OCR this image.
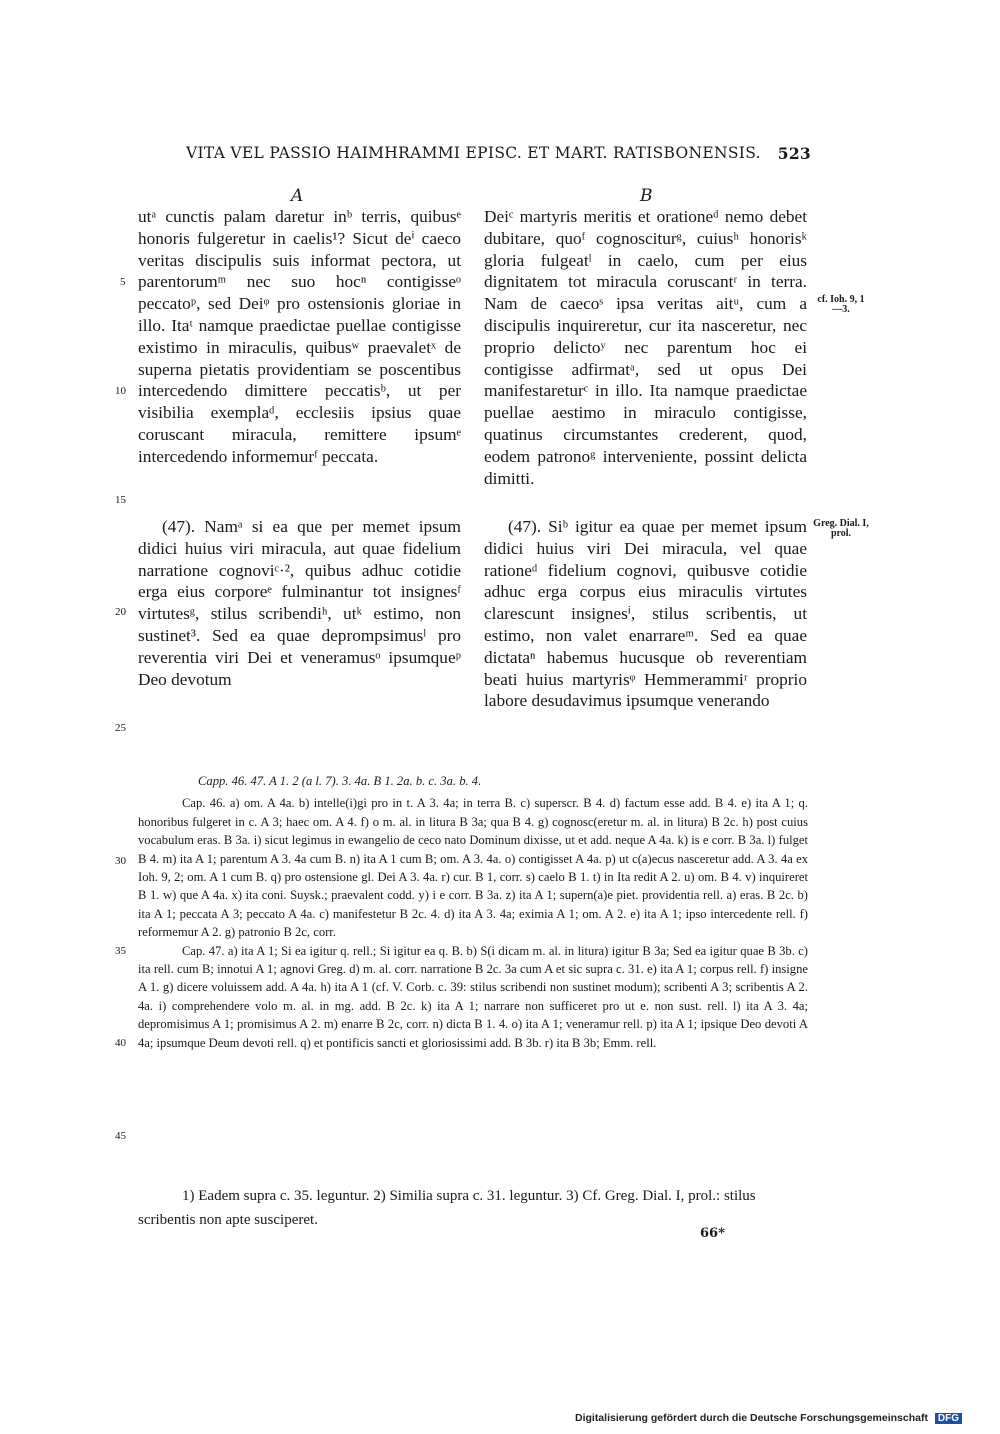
VITA VEL PASSIO HAIMHRAMMI EPISC. ET MART. RATISBONENSIS. 523
A	B

utᵃ cunctis palam daretur inᵇ terris, quibusᵉ honoris fulgeretur in caelis¹? Sicut deⁱ caeco veritas discipulis suis informat pectora, ut parentorumᵐ nec suo hocⁿ contigisseᵒ peccatoᵖ, sed Deiᵠ pro ostensionis gloriae in illo. Itaᵗ namque praedictae puellae contigisse existimo in miraculis, quibusʷ praevaletˣ de superna pietatis providentiam se poscentibus intercedendo dimittere peccatisᵇ, ut per visibilia exemplaᵈ, ecclesiis ipsius quae coruscant miracula, remittere ipsumᵉ intercedendo informemurᶠ peccata.

(47). Namᵃ si ea que per memet ipsum didici huius viri miracula, aut quae fidelium narratione cognoviᶜ·², quibus adhuc cotidie erga eius corporeᵉ fulminantur tot insignesᶠ virtutesᵍ, stilus scribendiʰ, utᵏ estimo, non sustinet³. Sed ea quae deprompsimusˡ pro reverentia viri Dei et veneramusᵒ ipsumqueᵖ Deo devotum

Deiᶜ martyris meritis et orationeᵈ nemo debet dubitare, quoᶠ cognosciturᵍ, cuiusʰ honorisᵏ gloria fulgeatˡ in caelo, cum per eius dignitatem tot miracula coruscantʳ in terra. Nam de caecoˢ ipsa veritas aitᵘ, cum a discipulis inquireretur, cur ita nasceretur, nec proprio delictoʸ nec parentum hoc ei contigisse adfirmatᵃ, sed ut opus Dei manifestareturᶜ in illo. Ita namque praedictae puellae aestimo in miraculo contigisse, quatinus circumstantes crederent, quod, eodem patronoᵍ interveniente, possint delicta dimitti.

(47). Siᵇ igitur ea quae per memet ipsum didici huius viri Dei miracula, vel quae rationeᵈ fidelium cognovi, quibusve cotidie adhuc erga corpus eius miraculis virtutes clarescunt insignesⁱ, stilus scribentis, ut estimo, non valet enarrareᵐ. Sed ea quae dictataⁿ habemus hucusque ob reverentiam beati huius martyrisᵠ Hemmerammiʳ proprio labore desudavimus ipsumque venerando

cf. Ioh. 9, 1—3.
Greg. Dial. I, prol.
5
10
15
20
25
30
35
40
45

Capp. 46. 47. A 1. 2 (a l. 7). 3. 4a. B 1. 2a. b. c. 3a. b. 4.

Cap. 46. a) om. A 4a. b) intelle(i)gi pro in t. A 3. 4a; in terra B. c) superscr. B 4. d) factum esse add. B 4. e) ita A 1; q. honoribus fulgeret in c. A 3; haec om. A 4. f) o m. al. in litura B 3a; qua B 4. g) cognosc(eretur m. al. in litura) B 2c. h) post cuius vocabulum eras. B 3a. i) sicut legimus in ewangelio de ceco nato Dominum dixisse, ut et add. neque A 4a. k) is e corr. B 3a. l) fulget B 4. m) ita A 1; parentum A 3. 4a cum B. n) ita A 1 cum B; om. A 3. 4a. o) contigisset A 4a. p) ut c(a)ecus nasceretur add. A 3. 4a ex Ioh. 9, 2; om. A 1 cum B. q) pro ostensione gl. Dei A 3. 4a. r) cur. B 1, corr. s) caelo B 1. t) in Ita redit A 2. u) om. B 4. v) inquireret B 1. w) que A 4a. x) ita coni. Suysk.; praevalent codd. y) i e corr. B 3a. z) ita A 1; supern(a)e piet. providentia rell. a) eras. B 2c. b) ita A 1; peccata A 3; peccato A 4a. c) manifestetur B 2c. 4. d) ita A 3. 4a; eximia A 1; om. A 2. e) ita A 1; ipso intercedente rell. f) reformemur A 2. g) patronio B 2c, corr.

Cap. 47. a) ita A 1; Si ea igitur q. rell.; Si igitur ea q. B. b) S(i dicam m. al. in litura) igitur B 3a; Sed ea igitur quae B 3b. c) ita rell. cum B; innotui A 1; agnovi Greg. d) m. al. corr. narratione B 2c. 3a cum A et sic supra c. 31. e) ita A 1; corpus rell. f) insigne A 1. g) dicere voluissem add. A 4a. h) ita A 1 (cf. V. Corb. c. 39: stilus scribendi non sustinet modum); scribenti A 3; scribentis A 2. 4a. i) comprehendere volo m. al. in mg. add. B 2c. k) ita A 1; narrare non sufficeret pro ut e. non sust. rell. l) ita A 3. 4a; depromisimus A 1; promisimus A 2. m) enarre B 2c, corr. n) dicta B 1. 4. o) ita A 1; veneramur rell. p) ita A 1; ipsique Deo devoti A 4a; ipsumque Deum devoti rell. q) et pontificis sancti et gloriosissimi add. B 3b. r) ita B 3b; Emm. rell.

1) Eadem supra c. 35. leguntur. 2) Similia supra c. 31. leguntur. 3) Cf. Greg. Dial. I, prol.: stilus scribentis non apte susciperet.

66*
Digitalisierung gefördert durch die Deutsche Forschungsgemeinschaft DFG
